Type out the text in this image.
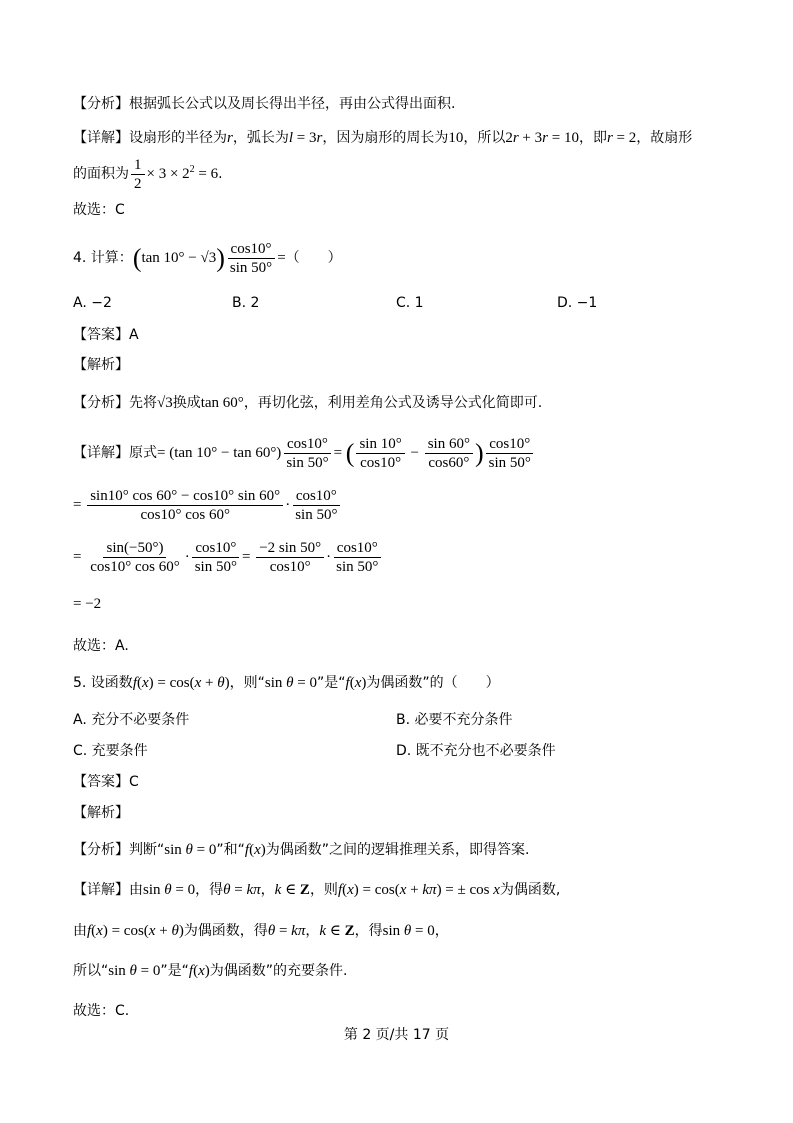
【分析】根据弧长公式以及周长得出半径，再由公式得出面积.
【详解】设扇形的半径为r，弧长为l = 3r，因为扇形的周长为10，所以2r + 3r = 10，即r = 2，故扇形
的面积为 $\frac{1}{2} \times 3 \times 2^2 = 6$.
故选：C
4. 计算：(tan $10^\circ - √3) \frac{\cos 10^\circ}{\sin 50^\circ}$ =（　　）
A. −2	B. 2	C. 1	D. −1
【答案】A
【解析】
【分析】先将√3换成tan 60°，再切化弦，利用差角公式及诱导公式化简即可.
【详解】原式= (tan $10^\circ - \tan 60^\circ) \frac{\cos 10^\circ}{\sin 50^\circ}$ = ( $\frac{\sin 10^\circ}{\cos 10^\circ} - \frac{\sin 60^\circ}{\cos 60^\circ}$ ) $\frac{\cos 10^\circ}{\sin 50^\circ}$
= $\frac{\sin 10^\circ \cos 60^\circ - \cos 10^\circ \sin 60^\circ}{\cos 10^\circ \cos 60^\circ} \cdot \frac{\cos 10^\circ}{\sin 50^\circ}$
= $\frac{\sin(-50^\circ)}{\cos 10^\circ \cos 60^\circ} \cdot \frac{\cos 10^\circ}{\sin 50^\circ} = \frac{-2 \sin 50^\circ}{\cos 10^\circ} \cdot \frac{\cos 10^\circ}{\sin 50^\circ}$
= −2
故选：A.
5. 设函数f(x) = cos(x + θ)，则“sin θ = 0”是“f(x)为偶函数”的（　　）
A. 充分不必要条件	B. 必要不充分条件
C. 充要条件	D. 既不充分也不必要条件
【答案】C
【解析】
【分析】判断“sin θ = 0”和“f(x)为偶函数”之间的逻辑推理关系，即得答案.
【详解】由sin θ = 0，得θ = kπ，k ∈ Z，则f(x) = cos(x + kπ) = ± cos x为偶函数,
由f(x) = cos(x + θ)为偶函数，得θ = kπ，k ∈ Z，得sin θ = 0，
所以“sin θ = 0”是“f(x)为偶函数”的充要条件.
故选：C.
第 2 页/共 17 页
